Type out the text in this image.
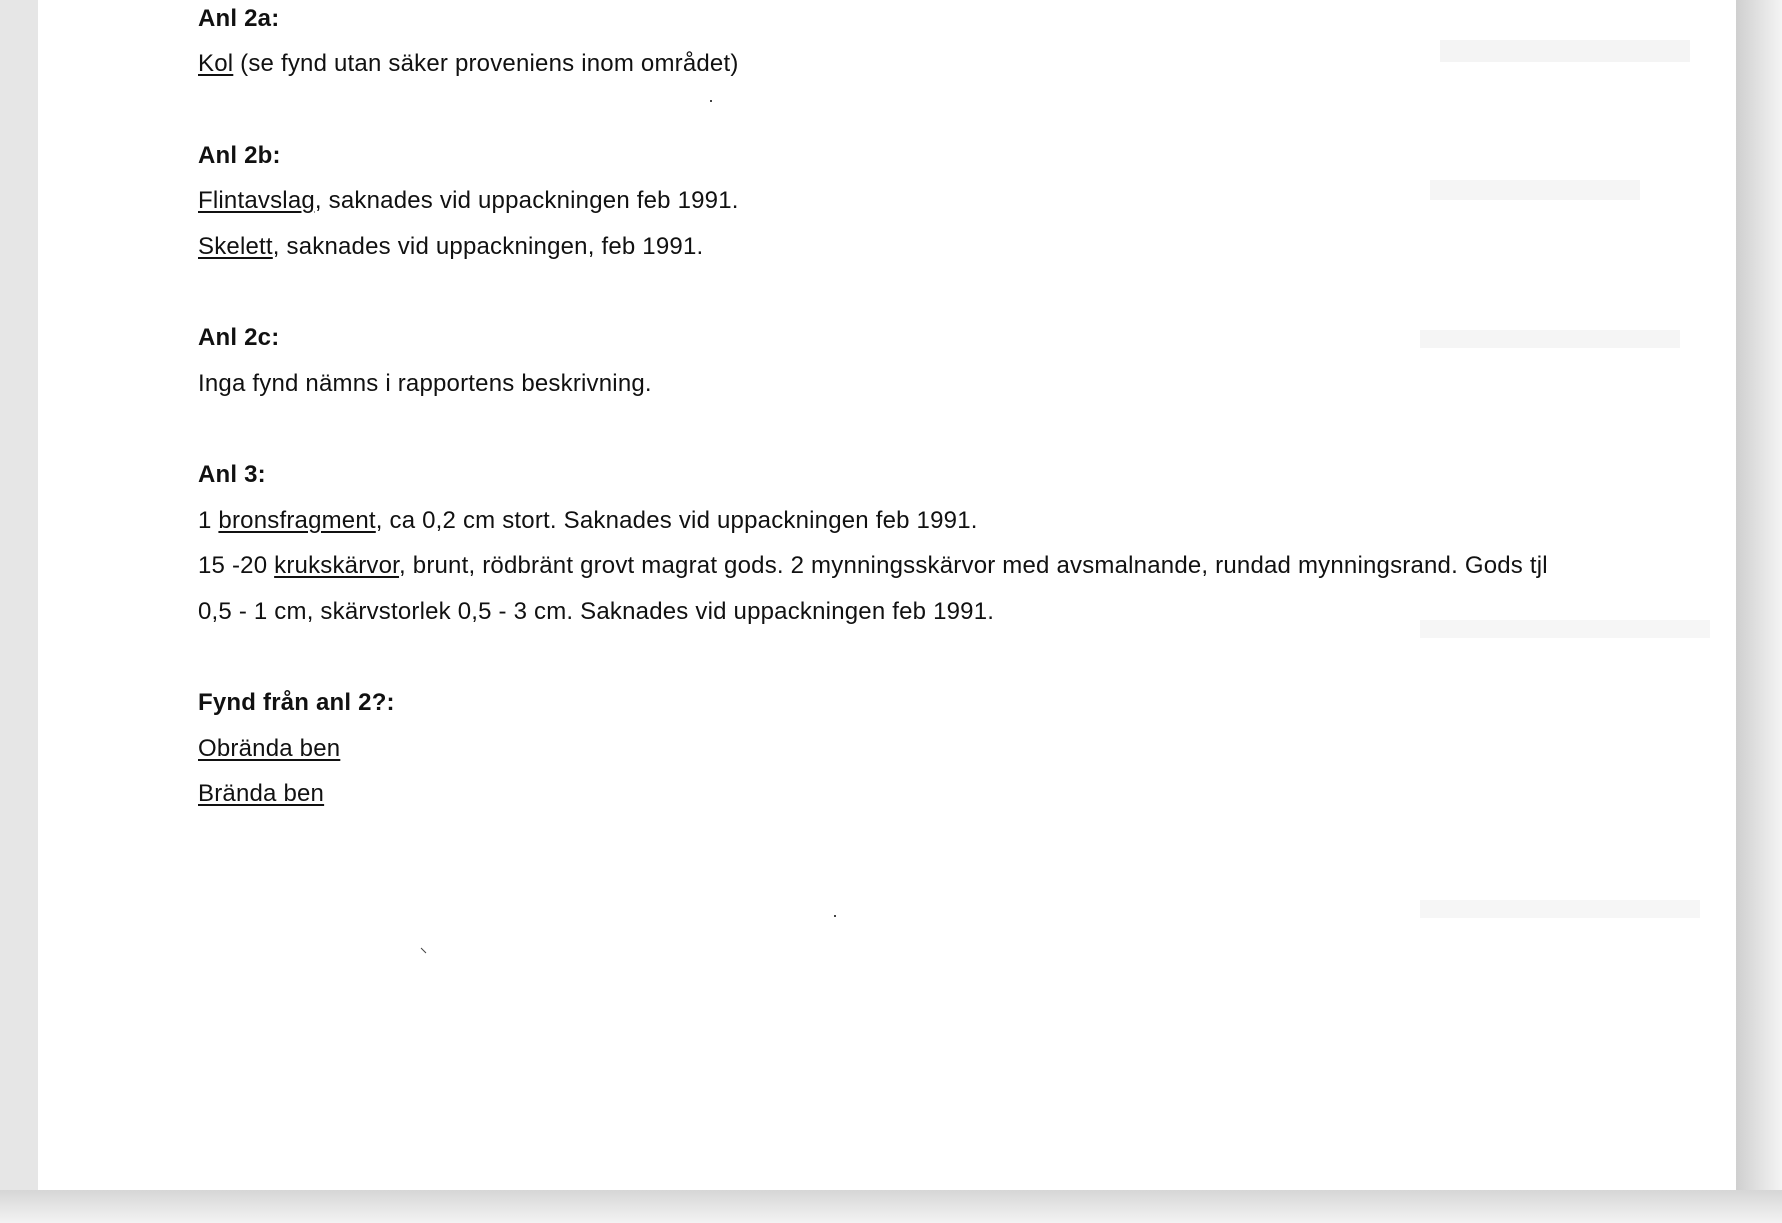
Anl 2a:
Kol (se fynd utan säker proveniens inom området)
Anl 2b:
Flintavslag, saknades vid uppackningen feb 1991.
Skelett, saknades vid uppackningen, feb 1991.
Anl 2c:
Inga fynd nämns i rapportens beskrivning.
Anl 3:
1 bronsfragment, ca 0,2 cm stort. Saknades vid uppackningen feb 1991.
15 -20 krukskärvor, brunt, rödbränt grovt magrat gods. 2 mynningsskärvor med avsmalnande, rundad mynningsrand. Gods tjl
0,5 - 1 cm, skärvstorlek 0,5 - 3 cm. Saknades vid uppackningen feb 1991.
Fynd från anl 2?:
Obrända ben
Brända ben
